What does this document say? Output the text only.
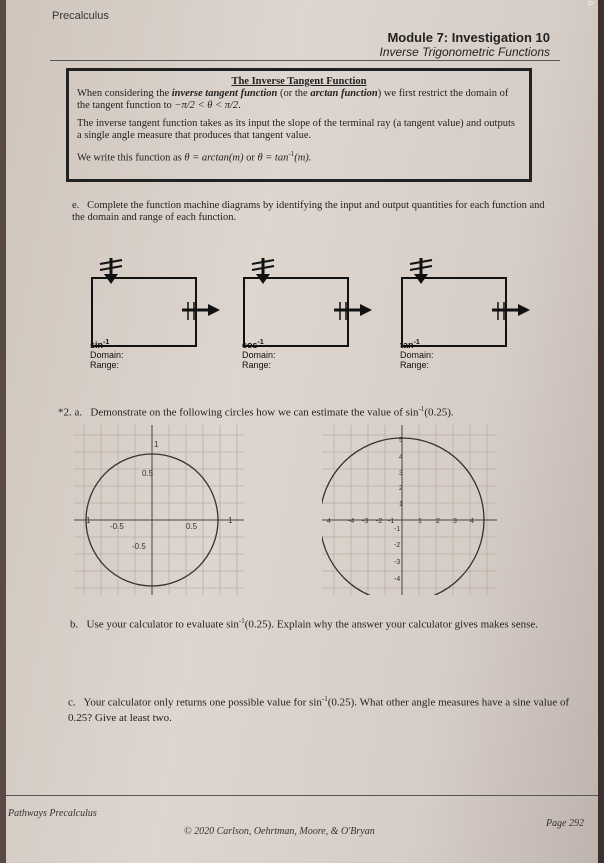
Precalculus
Module 7: Investigation 10
Inverse Trigonometric Functions
The Inverse Tangent Function

When considering the inverse tangent function (or the arctan function) we first restrict the domain of the tangent function to −π/2 < θ < π/2.

The inverse tangent function takes as its input the slope of the terminal ray (a tangent value) and outputs a single angle measure that produces that tangent value.

We write this function as θ = arctan(m) or $\theta = \tan^{-1}(m)$.

e. Complete the function machine diagrams by identifying the input and output quantities for each function and the domain and range of each function.
$\sin^{-1}$
Domain:
Range:
$\cos^{-1}$
Domain:
Range:
$\tan^{-1}$
Domain:
Range:
*2. a. Demonstrate on the following circles how we can estimate the value of $\sin^{-1}(0.25)$.
1
0.5
-0.5	0.5
-0.5
1	1	4 -4 -3 -2 -1	1 2 3 4
5
4
3
2
1
-1
-2
-3
-4
b. Use your calculator to evaluate $\sin^{-1}(0.25)$. Explain why the answer your calculator gives makes sense.
c. Your calculator only returns one possible value for $\sin^{-1}(0.25)$. What other angle measures have a sine value of 0.25? Give at least two.
Pathways Precalculus
© 2020 Carlson, Oehrtman, Moore, & O'Bryan
Page 292
P
